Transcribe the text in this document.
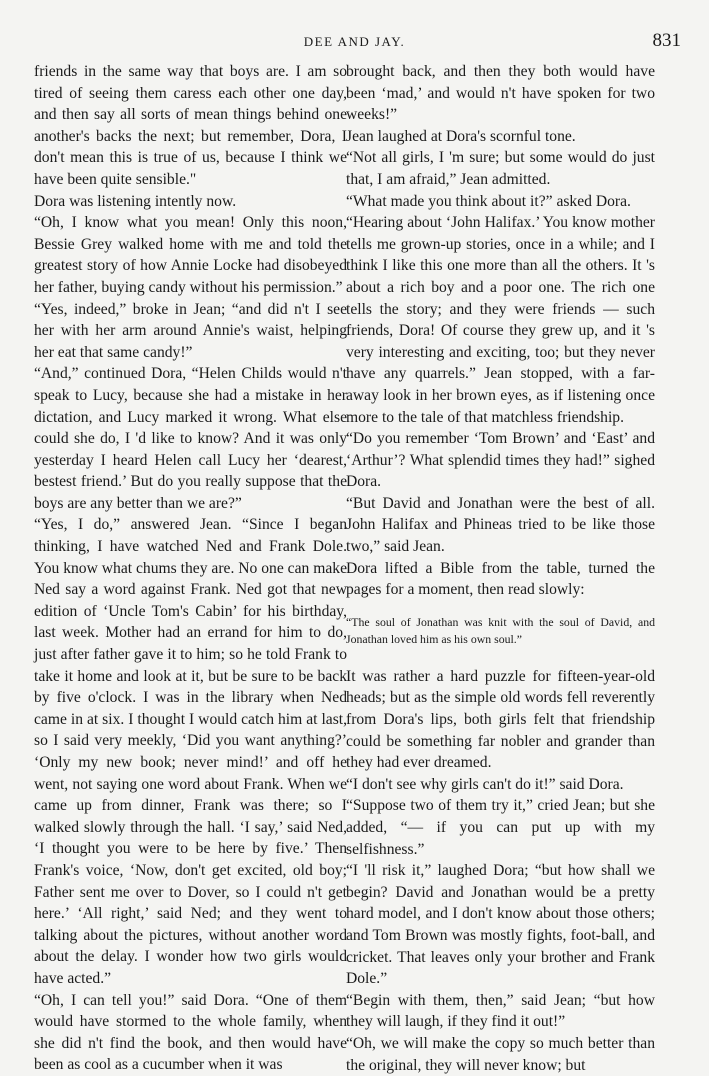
DEE AND JAY.	831

friends in the same way that boys are. I am so tired of seeing them caress each other one day, and then say all sorts of mean things behind one another's backs the next; but remember, Dora, I don't mean this is true of us, because I think we have been quite sensible."

Dora was listening intently now.

“Oh, I know what you mean! Only this noon, Bessie Grey walked home with me and told the greatest story of how Annie Locke had disobeyed her father, buying candy without his permission.”

“Yes, indeed,” broke in Jean; “and did n't I see her with her arm around Annie's waist, helping her eat that same candy!”

“And,” continued Dora, “Helen Childs would n't speak to Lucy, because she had a mistake in her dictation, and Lucy marked it wrong. What else could she do, I 'd like to know? And it was only yesterday I heard Helen call Lucy her ‘dearest, bestest friend.’ But do you really suppose that the boys are any better than we are?”

“Yes, I do,” answered Jean. “Since I began thinking, I have watched Ned and Frank Dole. You know what chums they are. No one can make Ned say a word against Frank. Ned got that new edition of ‘Uncle Tom's Cabin’ for his birthday, last week. Mother had an errand for him to do, just after father gave it to him; so he told Frank to take it home and look at it, but be sure to be back by five o'clock. I was in the library when Ned came in at six. I thought I would catch him at last, so I said very meekly, ‘Did you want anything?’ ‘Only my new book; never mind!’ and off he went, not saying one word about Frank. When we came up from dinner, Frank was there; so I walked slowly through the hall. ‘I say,’ said Ned, ‘I thought you were to be here by five.’ Then Frank's voice, ‘Now, don't get excited, old boy; Father sent me over to Dover, so I could n't get here.’ ‘All right,’ said Ned; and they went to talking about the pictures, without another word about the delay. I wonder how two girls would have acted.”

“Oh, I can tell you!” said Dora. “One of them would have stormed to the whole family, when she did n't find the book, and then would have been as cool as a cucumber when it was

brought back, and then they both would have been ‘mad,’ and would n't have spoken for two weeks!”

Jean laughed at Dora's scornful tone.

“Not all girls, I 'm sure; but some would do just that, I am afraid,” Jean admitted.

“What made you think about it?” asked Dora.

“Hearing about ‘John Halifax.’ You know mother tells me grown-up stories, once in a while; and I think I like this one more than all the others. It 's about a rich boy and a poor one. The rich one tells the story; and they were friends — such friends, Dora! Of course they grew up, and it 's very interesting and exciting, too; but they never have any quarrels.” Jean stopped, with a far-away look in her brown eyes, as if listening once more to the tale of that matchless friendship.

“Do you remember ‘Tom Brown’ and ‘East’ and ‘Arthur’? What splendid times they had!” sighed Dora.

“But David and Jonathan were the best of all. John Halifax and Phineas tried to be like those two,” said Jean.

Dora lifted a Bible from the table, turned the pages for a moment, then read slowly:

“The soul of Jonathan was knit with the soul of David, and Jonathan loved him as his own soul.”

It was rather a hard puzzle for fifteen-year-old heads; but as the simple old words fell reverently from Dora's lips, both girls felt that friendship could be something far nobler and grander than they had ever dreamed.

“I don't see why girls can't do it!” said Dora.

“Suppose two of them try it,” cried Jean; but she added, “— if you can put up with my selfishness.”

“I 'll risk it,” laughed Dora; “but how shall we begin? David and Jonathan would be a pretty hard model, and I don't know about those others; and Tom Brown was mostly fights, foot-ball, and cricket. That leaves only your brother and Frank Dole.”

“Begin with them, then,” said Jean; “but how they will laugh, if they find it out!”

“Oh, we will make the copy so much better than the original, they will never know; but
